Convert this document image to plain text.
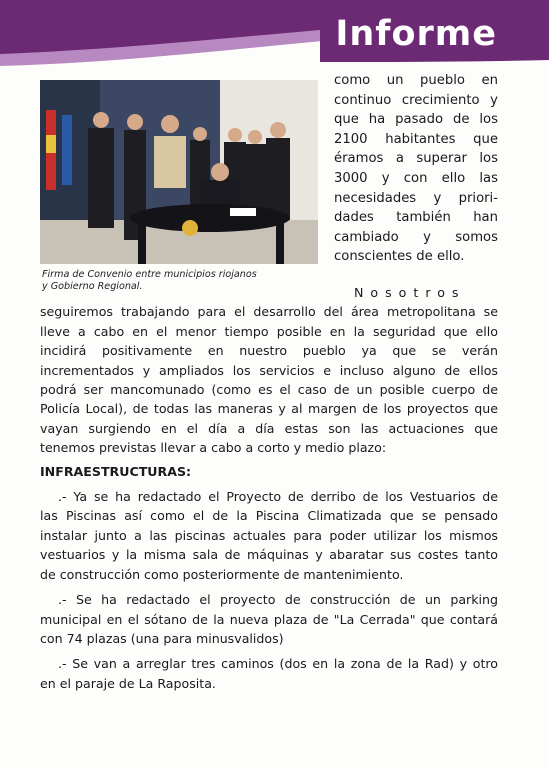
Informe
Firma de Convenio entre municipios riojanos
y Gobierno Regional.
como un pueblo en
continuo crecimiento y
que ha pasado de los
2100 habitantes que
éramos a superar los
3000 y con ello las
necesidades y priori-
dades también han
cambiado y somos
conscientes de ello.
Nosotros
seguiremos trabajando para el desarrollo del área metropolitana se
lleve a cabo en el menor tiempo posible en la seguridad que ello
incidirá positivamente en nuestro pueblo ya que se verán
incrementados y ampliados los servicios e incluso alguno de ellos
podrá ser mancomunado (como es el caso de un posible cuerpo de
Policía Local), de todas las maneras y al margen de los proyectos que
vayan surgiendo en el día a día estas son las actuaciones que
tenemos previstas llevar a cabo a corto y medio plazo:
INFRAESTRUCTURAS:
.- Ya se ha redactado el Proyecto de derribo de los Vestuarios de
las Piscinas así como el de la Piscina Climatizada que se pensado
instalar junto a las piscinas actuales para poder utilizar los mismos
vestuarios y la misma sala de máquinas y abaratar sus costes tanto
de construcción como posteriormente de mantenimiento.
.- Se ha redactado el proyecto de construcción de un parking
municipal en el sótano de la nueva plaza de "La Cerrada" que contará
con 74 plazas (una para minusvalidos)
.- Se van a arreglar tres caminos (dos en la zona de la Rad) y otro
en el paraje de La Raposita.
